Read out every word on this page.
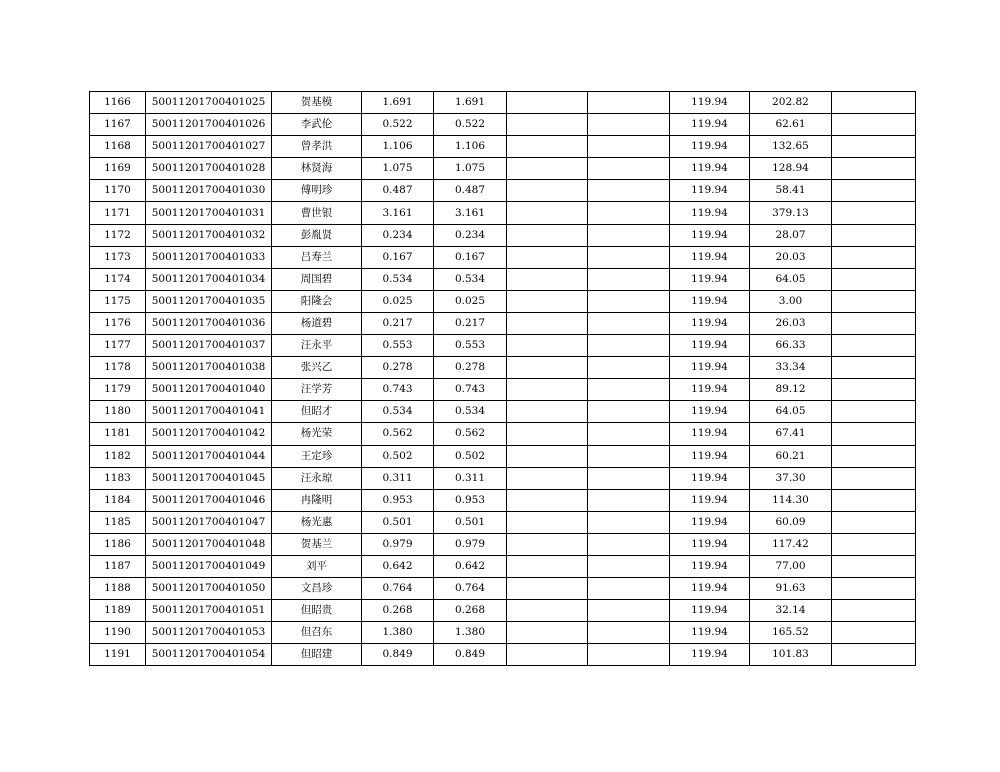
1166	50011201700401025	贺基模	1.691	1.691			119.94	202.82	
1167	50011201700401026	李武伦	0.522	0.522			119.94	62.61	
1168	50011201700401027	曾孝洪	1.106	1.106			119.94	132.65	
1169	50011201700401028	林贤海	1.075	1.075			119.94	128.94	
1170	50011201700401030	傅明珍	0.487	0.487			119.94	58.41	
1171	50011201700401031	曹世银	3.161	3.161			119.94	379.13	
1172	50011201700401032	彭胤贤	0.234	0.234			119.94	28.07	
1173	50011201700401033	吕寿兰	0.167	0.167			119.94	20.03	
1174	50011201700401034	周国碧	0.534	0.534			119.94	64.05	
1175	50011201700401035	阳隆会	0.025	0.025			119.94	3.00	
1176	50011201700401036	杨道碧	0.217	0.217			119.94	26.03	
1177	50011201700401037	汪永平	0.553	0.553			119.94	66.33	
1178	50011201700401038	张兴乙	0.278	0.278			119.94	33.34	
1179	50011201700401040	汪学芳	0.743	0.743			119.94	89.12	
1180	50011201700401041	但昭才	0.534	0.534			119.94	64.05	
1181	50011201700401042	杨光荣	0.562	0.562			119.94	67.41	
1182	50011201700401044	王定珍	0.502	0.502			119.94	60.21	
1183	50011201700401045	汪永琼	0.311	0.311			119.94	37.30	
1184	50011201700401046	冉隆明	0.953	0.953			119.94	114.30	
1185	50011201700401047	杨光惠	0.501	0.501			119.94	60.09	
1186	50011201700401048	贺基兰	0.979	0.979			119.94	117.42	
1187	50011201700401049	刘平	0.642	0.642			119.94	77.00	
1188	50011201700401050	文昌珍	0.764	0.764			119.94	91.63	
1189	50011201700401051	但昭贵	0.268	0.268			119.94	32.14	
1190	50011201700401053	但召东	1.380	1.380			119.94	165.52	
1191	50011201700401054	但昭建	0.849	0.849			119.94	101.83	
